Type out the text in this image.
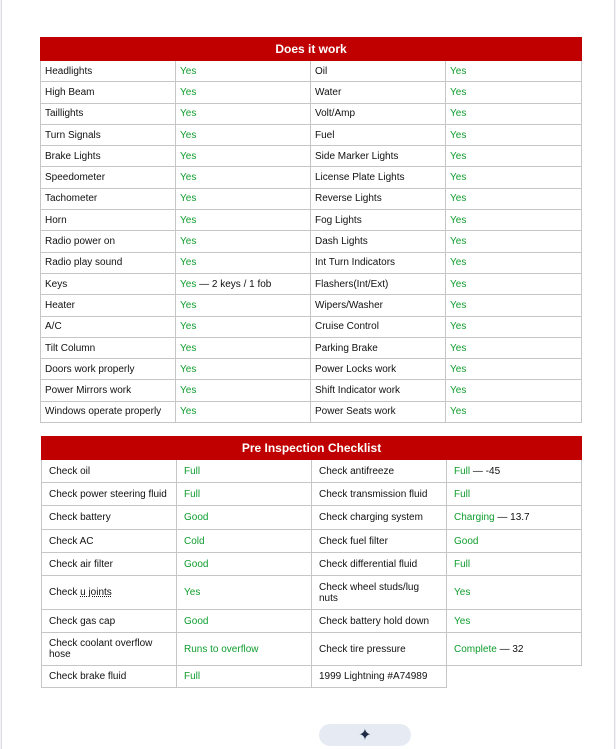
Does it work			
Headlights	Yes	Oil	Yes
High Beam	Yes	Water	Yes
Taillights	Yes	Volt/Amp	Yes
Turn Signals	Yes	Fuel	Yes
Brake Lights	Yes	Side Marker Lights	Yes
Speedometer	Yes	License Plate Lights	Yes
Tachometer	Yes	Reverse Lights	Yes
Horn	Yes	Fog Lights	Yes
Radio power on	Yes	Dash Lights	Yes
Radio play sound	Yes	Int Turn Indicators	Yes
Keys	Yes — 2 keys / 1 fob	Flashers(Int/Ext)	Yes
Heater	Yes	Wipers/Washer	Yes
A/C	Yes	Cruise Control	Yes
Tilt Column	Yes	Parking Brake	Yes
Doors work properly	Yes	Power Locks work	Yes
Power Mirrors work	Yes	Shift Indicator work	Yes
Windows operate properly	Yes	Power Seats work	Yes
Pre Inspection Checklist			
Check oil	Full	Check antifreeze	Full — -45
Check power steering fluid	Full	Check transmission fluid	Full
Check battery	Good	Check charging system	Charging — 13.7
Check AC	Cold	Check fuel filter	Good
Check air filter	Good	Check differential fluid	Full
Check u joints	Yes	Check wheel studs/lug nuts	Yes
Check gas cap	Good	Check battery hold down	Yes
Check coolant overflow hose	Runs to overflow	Check tire pressure	Complete — 32
Check brake fluid	Full	1999 Lightning #A74989	
✦
